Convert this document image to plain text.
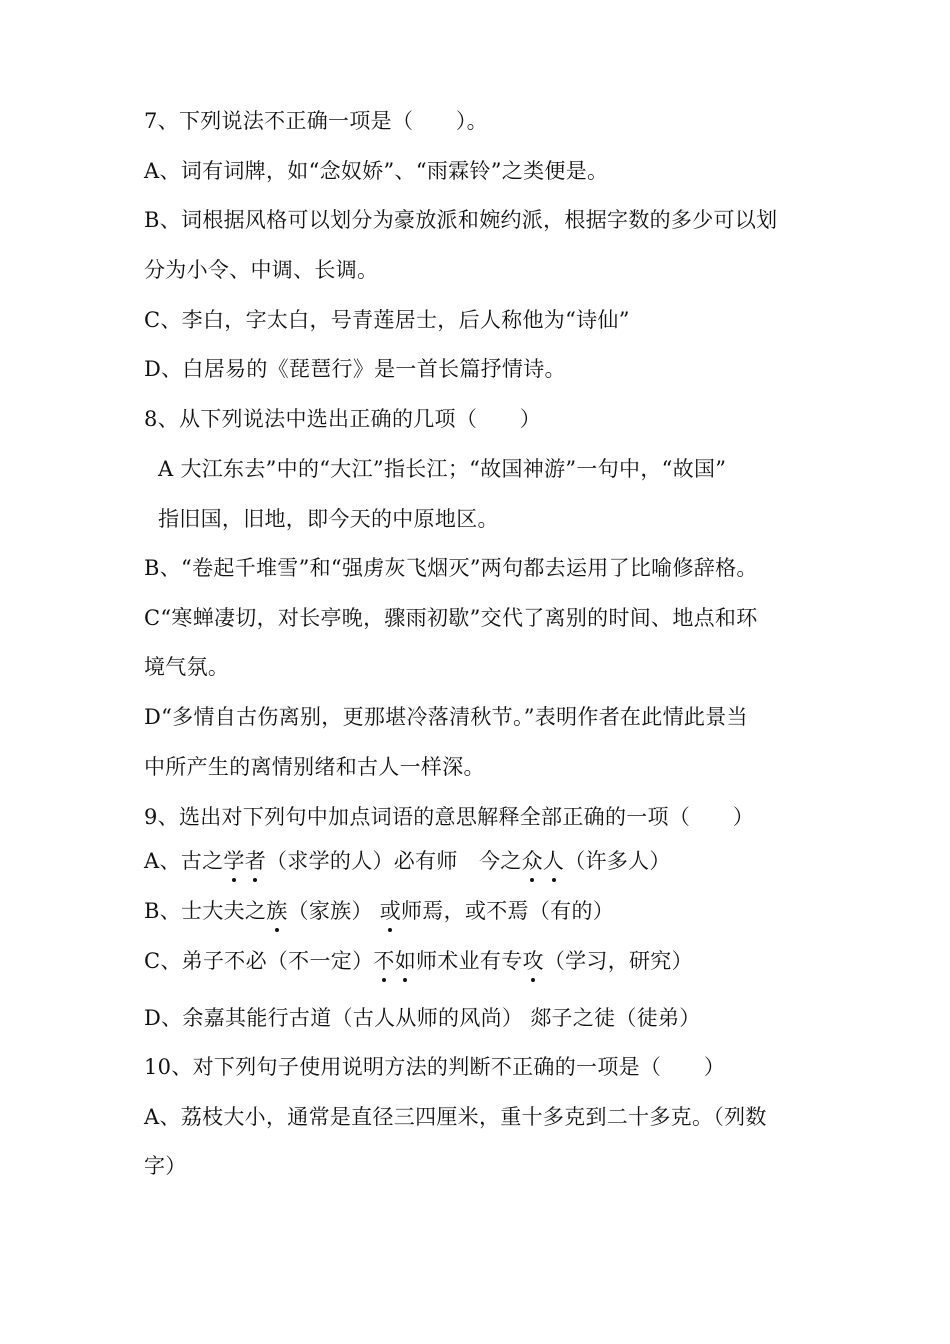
7、下列说法不正确一项是（　　）。
A、词有词牌，如“念奴娇”、“雨霖铃”之类便是。
B、词根据风格可以划分为豪放派和婉约派，根据字数的多少可以划
分为小令、中调、长调。
C、李白，字太白，号青莲居士，后人称他为“诗仙”
D、白居易的《琵琶行》是一首长篇抒情诗。
8、从下列说法中选出正确的几项（　　）
A 大江东去”中的“大江”指长江；“故国神游”一句中，“故国”
指旧国，旧地，即今天的中原地区。
B、“卷起千堆雪”和“强虏灰飞烟灭”两句都去运用了比喻修辞格。
C“寒蝉凄切，对长亭晚，骤雨初歇”交代了离别的时间、地点和环
境气氛。
D“多情自古伤离别，更那堪冷落清秋节。”表明作者在此情此景当
中所产生的离情别绪和古人一样深。
9、选出对下列句中加点词语的意思解释全部正确的一项（　　）
A、古之学者（求学的人）必有师　今之众人（许多人）
B、士大夫之族（家族） 或师焉，或不焉（有的）
C、弟子不必（不一定）不如师术业有专攻（学习，研究）
D、余嘉其能行古道（古人从师的风尚） 郯子之徒（徒弟）
10、对下列句子使用说明方法的判断不正确的一项是（　　）
A、荔枝大小，通常是直径三四厘米，重十多克到二十多克。（列数
字）
